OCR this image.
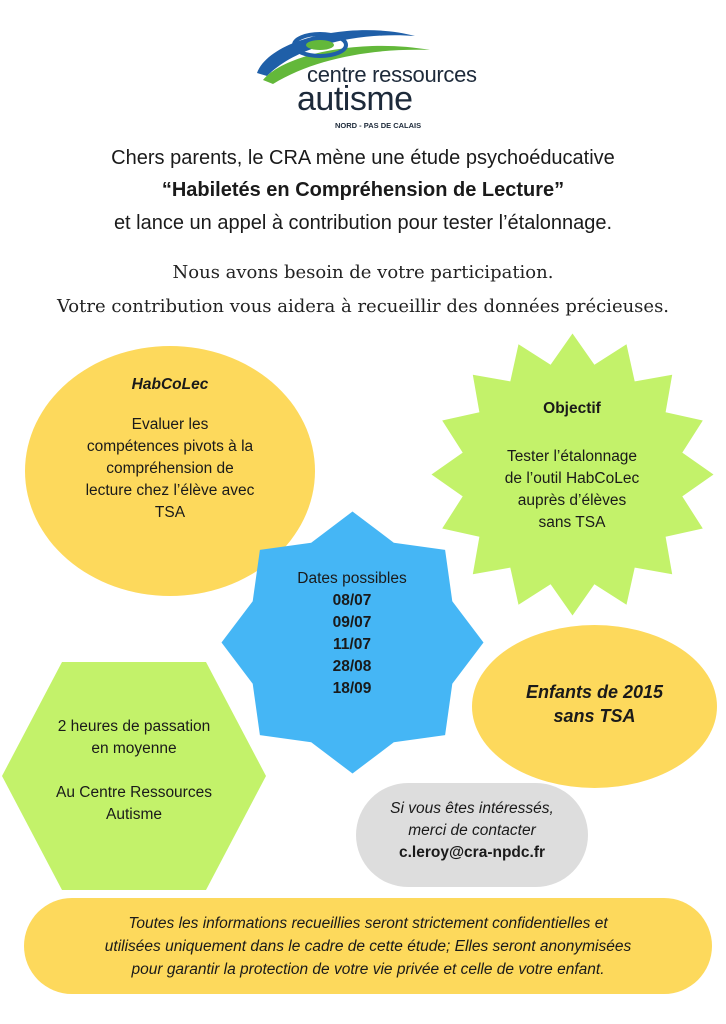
centre ressources
autisme
NORD - PAS DE CALAIS
Chers parents, le CRA mène une étude psychoéducative
“Habiletés en Compréhension de Lecture”
et lance un appel à contribution pour tester l’étalonnage.
Nous avons besoin de votre participation.
Votre contribution vous aidera à recueillir des données précieuses.
HabCoLec
Evaluer les
compétences pivots à la
compréhension de
lecture chez l’élève avec
TSA
Objectif
Tester l’étalonnage
de l’outil HabCoLec
auprès d’élèves
sans TSA
Dates possibles
08/07
09/07
11/07
28/08
18/09
2 heures de passation
en moyenne
Au Centre Ressources
Autisme
Enfants de 2015
sans TSA
Si vous êtes intéressés,
merci de contacter
c.leroy@cra-npdc.fr
Toutes les informations recueillies seront strictement confidentielles et
utilisées uniquement dans le cadre de cette étude; Elles seront anonymisées
pour garantir la protection de votre vie privée et celle de votre enfant.
